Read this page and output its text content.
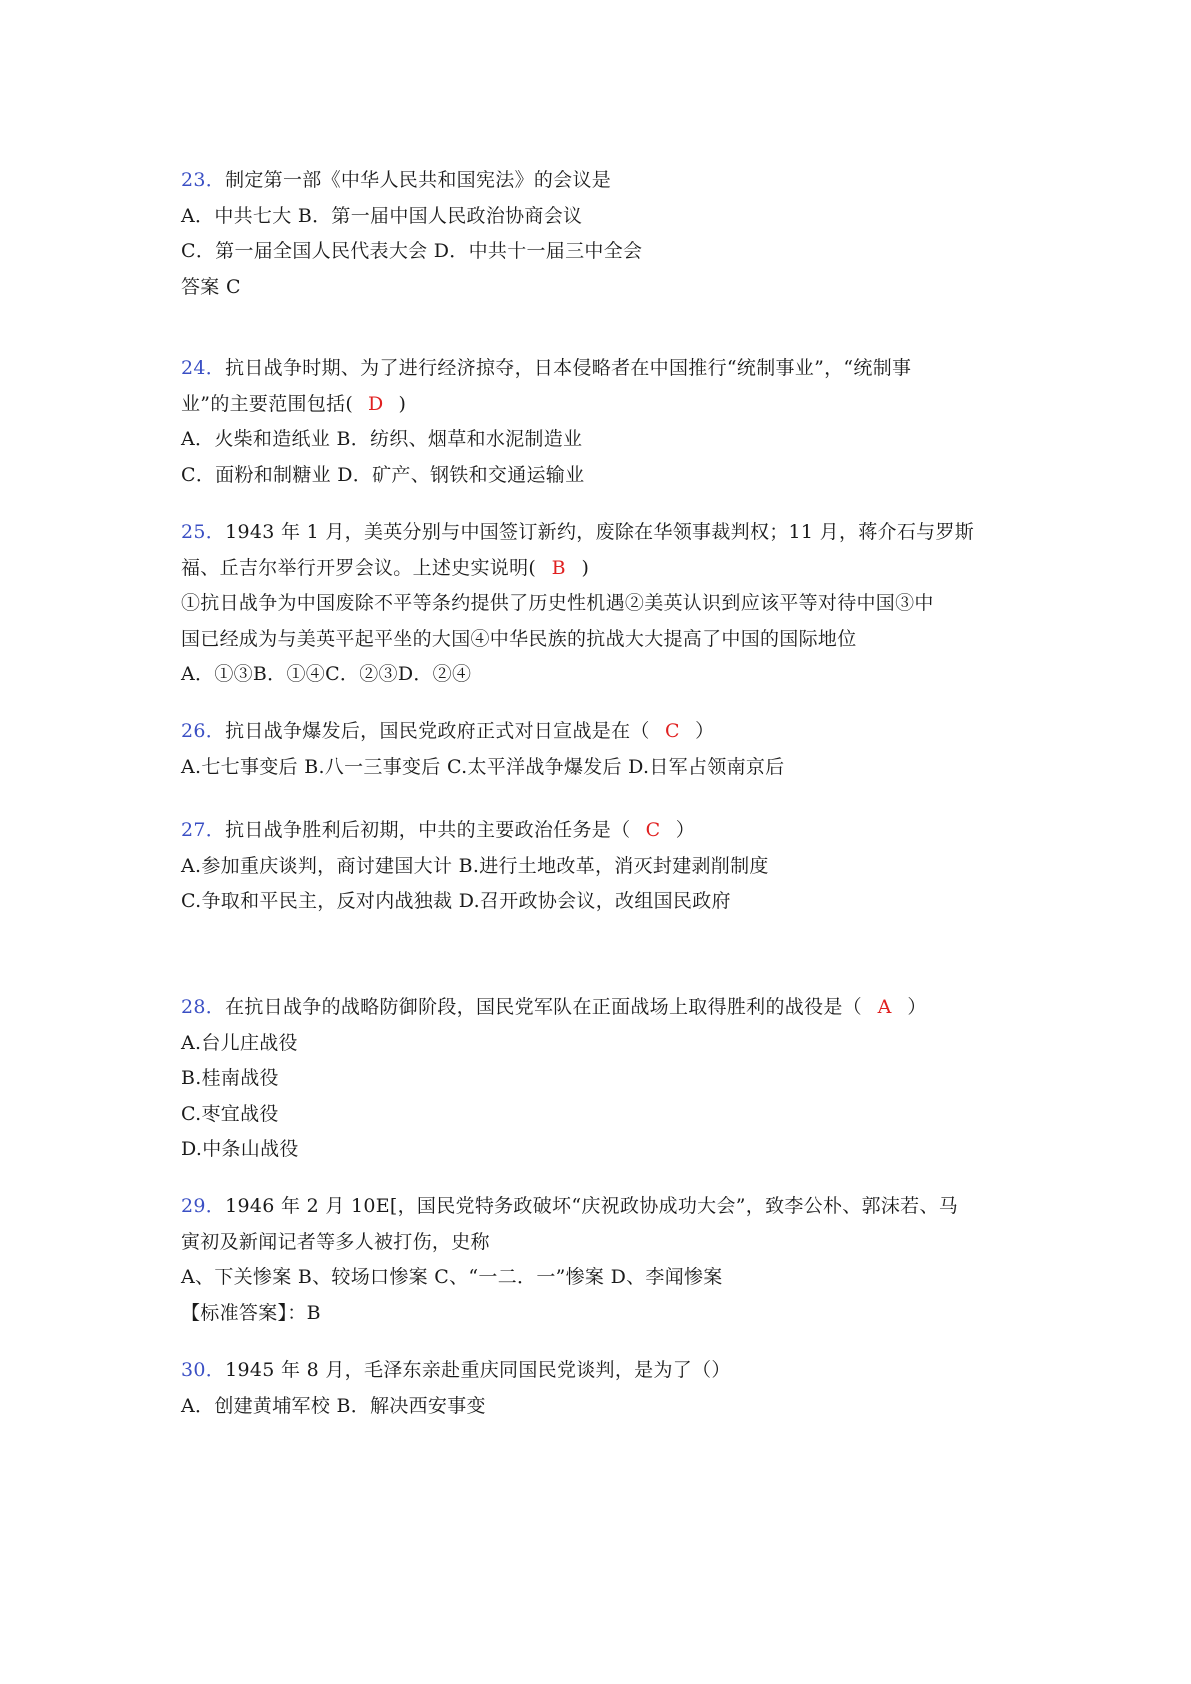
23．制定第一部《中华人民共和国宪法》的会议是
A．中共七大 B．第一届中国人民政治协商会议
C．第一届全国人民代表大会 D．中共十一届三中全会
答案 C
24．抗日战争时期、为了进行经济掠夺，日本侵略者在中国推行“统制事业”，“统制事
业”的主要范围包括( D )
A．火柴和造纸业 B．纺织、烟草和水泥制造业
C．面粉和制糖业 D．矿产、钢铁和交通运输业
25．1943 年 1 月，美英分别与中国签订新约，废除在华领事裁判权；11 月，蒋介石与罗斯
福、丘吉尔举行开罗会议。上述史实说明( B )
①抗日战争为中国废除不平等条约提供了历史性机遇②美英认识到应该平等对待中国③中
国已经成为与美英平起平坐的大国④中华民族的抗战大大提高了中国的国际地位
A．①③B．①④C．②③D．②④
26．抗日战争爆发后，国民党政府正式对日宣战是在（ C ）
A.七七事变后 B.八一三事变后 C.太平洋战争爆发后 D.日军占领南京后
27．抗日战争胜利后初期，中共的主要政治任务是（ C ）
A.参加重庆谈判，商讨建国大计 B.进行土地改革，消灭封建剥削制度
C.争取和平民主，反对内战独裁 D.召开政协会议，改组国民政府
28．在抗日战争的战略防御阶段，国民党军队在正面战场上取得胜利的战役是（ A ）
A.台儿庄战役
B.桂南战役
C.枣宜战役
D.中条山战役
29．1946 年 2 月 10E[，国民党特务政破坏“庆祝政协成功大会”，致李公朴、郭沫若、马
寅初及新闻记者等多人被打伤，史称
A、下关惨案 B、较场口惨案 C、“一二．一”惨案 D、李闻惨案
【标准答案】：B
30．1945 年 8 月，毛泽东亲赴重庆同国民党谈判，是为了（）
A．创建黄埔军校 B．解决西安事变
